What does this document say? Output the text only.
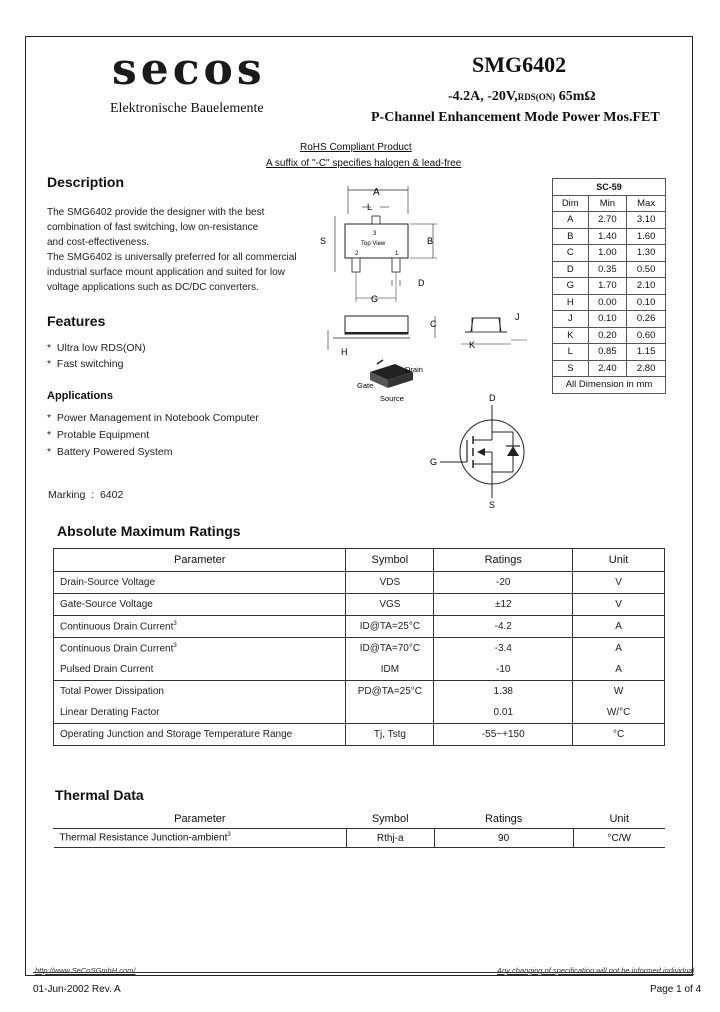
secos
Elektronische Bauelemente
SMG6402
-4.2A, -20V,RDS(ON) 65mΩ
P-Channel Enhancement Mode Power Mos.FET
RoHS Compliant Product
A suffix of "-C" specifies halogen & lead-free
Description
The SMG6402 provide the designer with the best
combination of fast switching, low on-resistance
and cost-effectiveness.
The SMG6402 is universally preferred for all commercial
industrial surface mount application and suited for low
voltage applications such as DC/DC converters.
Features
*  Ultra low RDS(ON)
*  Fast switching
Applications
*  Power Management in Notebook Computer
*  Protable Equipment
*  Battery Powered System
Marking  :  6402
A
L
Top View
3
2	1
S	B
D
G
C
H
K
J
Drain
Gate
Source	D
G
S
SC-59		
Dim	Min	Max
A	2.70	3.10
B	1.40	1.60
C	1.00	1.30
D	0.35	0.50
G	1.70	2.10
H	0.00	0.10
J	0.10	0.26
K	0.20	0.60
L	0.85	1.15
S	2.40	2.80
All Dimension in mm		
Absolute Maximum Ratings
Parameter	Symbol	Ratings	Unit
Drain-Source Voltage	VDS	-20	V
Gate-Source Voltage	VGS	±12	V
Continuous Drain Current$^3$	ID@TA=25°C	-4.2	A
Continuous Drain Current$^3$	ID@TA=70°C	-3.4	A
Pulsed Drain Current	IDM	-10	A
Total Power Dissipation	PD@TA=25°C	1.38	W
Linear Derating Factor		0.01	W/°C
Operating Junction and Storage Temperature Range	Tj, Tstg	-55~+150	°C
Thermal Data
Parameter	Symbol	Ratings	Unit
Thermal Resistance Junction-ambient$^3$	Rthj-a	90	°C/W
http://www.SeCoSGmbH.com/	Any changing of specification will not be informed individual
01-Jun-2002 Rev. A	Page 1 of 4
